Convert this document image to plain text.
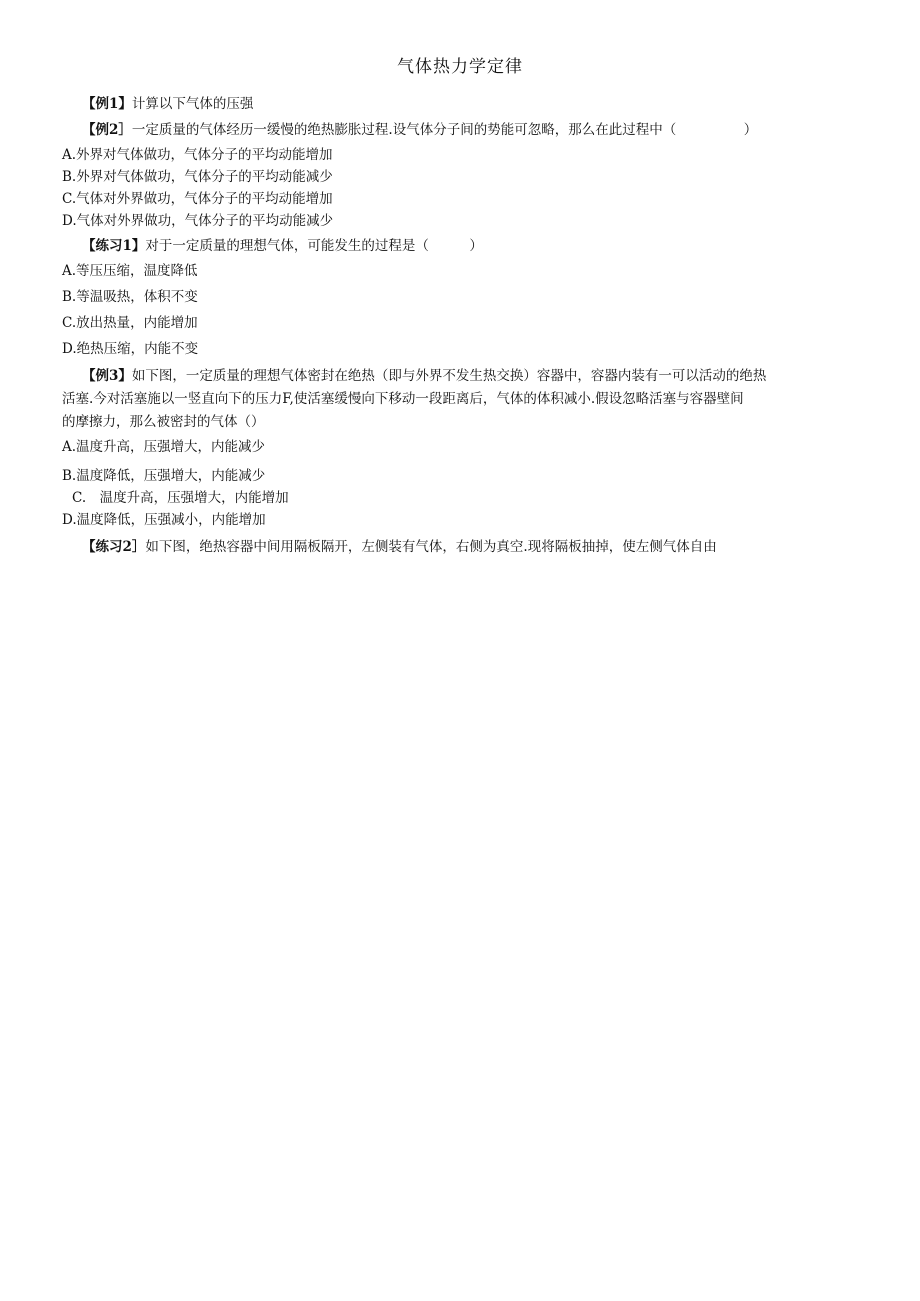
气体热力学定律
【例1】计算以下气体的压强
【例2］一定质量的气体经历一缓慢的绝热膨胀过程.设气体分子间的势能可忽略，那么在此过程中（　　　　　）
A.外界对气体做功，气体分子的平均动能增加
B.外界对气体做功，气体分子的平均动能减少
C.气体对外界做功，气体分子的平均动能增加
D.气体对外界做功，气体分子的平均动能减少
【练习1】对于一定质量的理想气体，可能发生的过程是（　　　）
A.等压压缩，温度降低
B.等温吸热，体积不变
C.放出热量，内能增加
D.绝热压缩，内能不变
【例3】如下图，一定质量的理想气体密封在绝热（即与外界不发生热交换）容器中，容器内装有一可以活动的绝热
活塞.今对活塞施以一竖直向下的压力F,使活塞缓慢向下移动一段距离后，气体的体积减小.假设忽略活塞与容器壁间
的摩擦力，那么被密封的气体（）
A.温度升高，压强增大，内能减少
B.温度降低，压强增大，内能减少
C.　温度升高，压强增大，内能增加
D.温度降低，压强减小，内能增加
【练习2］如下图，绝热容器中间用隔板隔开，左侧装有气体，右侧为真空.现将隔板抽掉，使左侧气体自由
